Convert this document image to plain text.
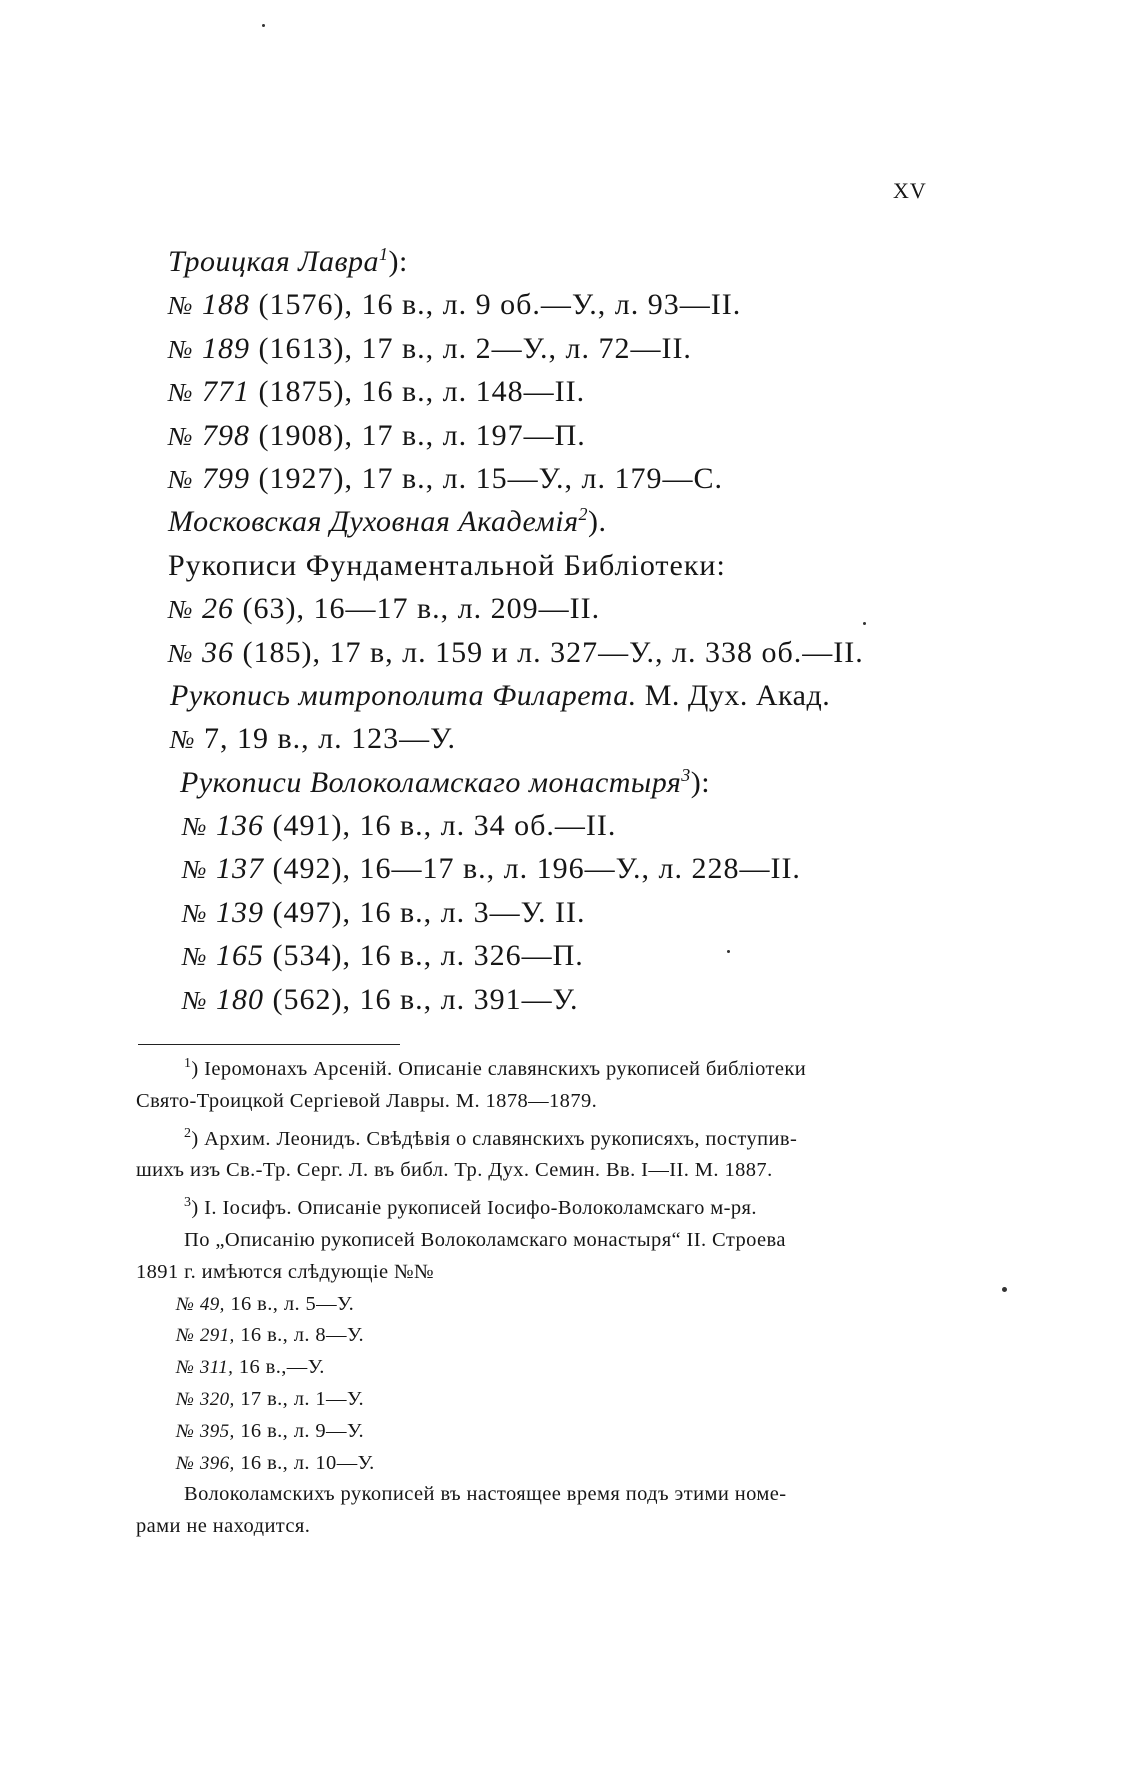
XV
Троицкая Лавра$^1$):
№ 188 (1576), 16 в., л. 9 об.—У., л. 93—II.
№ 189 (1613), 17 в., л. 2—У., л. 72—II.
№ 771 (1875), 16 в., л. 148—II.
№ 798 (1908), 17 в., л. 197—П.
№ 799 (1927), 17 в., л. 15—У., л. 179—С.
Московская Духовная Академія$^2$).
Рукописи Фундаментальной Библіотеки:
№ 26 (63), 16—17 в., л. 209—II.
№ 36 (185), 17 в, л. 159 и л. 327—У., л. 338 об.—II.
Рукопись митрополита Филарета. М. Дух. Акад.
№ 7, 19 в., л. 123—У.
Рукописи Волоколамскаго монастыря$^3$):
№ 136 (491), 16 в., л. 34 об.—II.
№ 137 (492), 16—17 в., л. 196—У., л. 228—II.
№ 139 (497), 16 в., л. 3—У. II.
№ 165 (534), 16 в., л. 326—П.
№ 180 (562), 16 в., л. 391—У.
$^1$) Іеромонахъ Арсеній. Описаніе славянскихъ рукописей библіотеки
Свято-Троицкой Сергіевой Лавры. М. 1878—1879.
$^2$) Архим. Леонидъ. Свѣдѣвія о славянскихъ рукописяхъ, поступив-
шихъ изъ Св.-Тр. Серг. Л. въ библ. Тр. Дух. Семин. Вв. I—II. М. 1887.
$^3$) I. Іосифъ. Описаніе рукописей Іосифо-Волоколамскаго м-ря.
По „Описанію рукописей Волоколамскаго монастыря“ II. Строева
1891 г. имѣются слѣдующіе №№
№ 49, 16 в., л. 5—У.
№ 291, 16 в., л. 8—У.
№ 311, 16 в.,—У.
№ 320, 17 в., л. 1—У.
№ 395, 16 в., л. 9—У.
№ 396, 16 в., л. 10—У.
Волоколамскихъ рукописей въ настоящее время подъ этими номе-
рами не находится.
